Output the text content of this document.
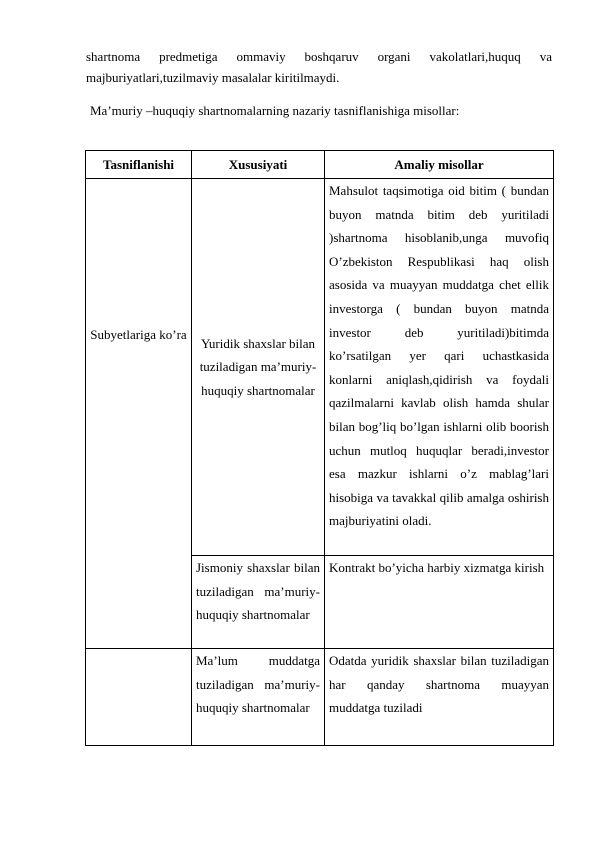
shartnoma predmetiga ommaviy boshqaruv organi vakolatlari,huquq va
majburiyatlari,tuzilmaviy masalalar kiritilmaydi.
Ma’muriy –huquqiy shartnomalarning nazariy tasniflanishiga misollar:
Tasniflanishi	Xususiyati	Amaliy misollar
Subyetlariga ko’ra	Yuridik shaxslar bilan tuziladigan ma’muriy-huquqiy shartnomalar	Mahsulot taqsimotiga oid bitim ( bundan buyon matnda bitim deb yuritiladi )shartnoma hisoblanib,unga muvofiq O’zbekiston Respublikasi haq olish asosida va muayyan muddatga chet ellik investorga ( bundan buyon matnda investor deb yuritiladi)bitimda ko’rsatilgan yer qari uchastkasida konlarni aniqlash,qidirish va foydali qazilmalarni kavlab olish hamda shular bilan bog’liq bo’lgan ishlarni olib boorish uchun mutloq huquqlar beradi,investor esa mazkur ishlarni o’z mablag’lari hisobiga va tavakkal qilib amalga oshirish majburiyatini oladi.
	Jismoniy shaxslar bilan tuziladigan ma’muriy-huquqiy shartnomalar	Kontrakt bo’yicha harbiy xizmatga kirish
	Ma’lum muddatga tuziladigan ma’muriy-huquqiy shartnomalar	Odatda yuridik shaxslar bilan tuziladigan har qanday shartnoma muayyan muddatga tuziladi
